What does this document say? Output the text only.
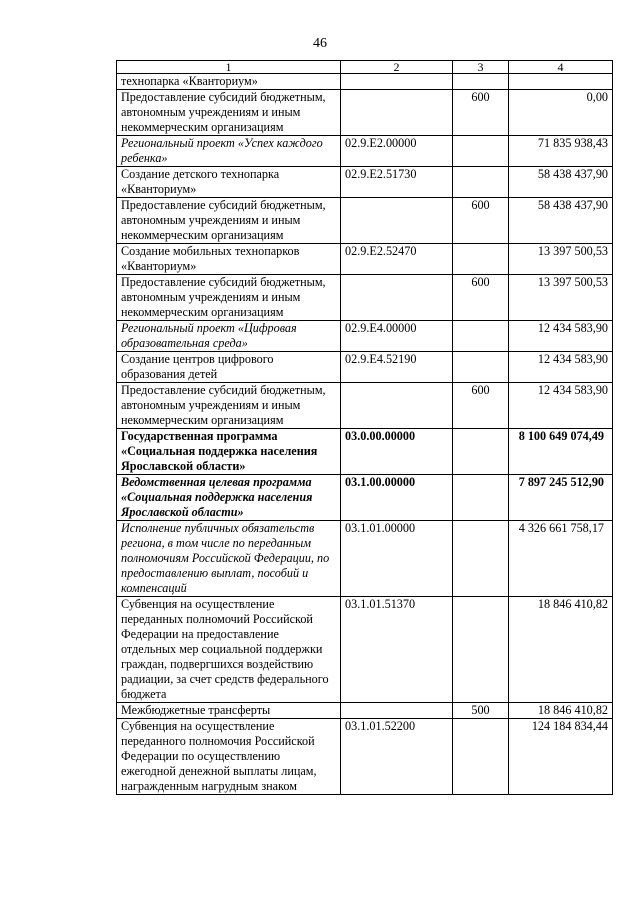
46
1	2	3	4
технопарка «Кванториум»			
Предоставление субсидий бюджетным, автономным учреждениям и иным некоммерческим организациям		600	0,00
Региональный проект «Успех каждого ребенка»	02.9.E2.00000		71 835 938,43
Создание детского технопарка «Кванториум»	02.9.E2.51730		58 438 437,90
Предоставление субсидий бюджетным, автономным учреждениям и иным некоммерческим организациям		600	58 438 437,90
Создание мобильных технопарков «Кванториум»	02.9.E2.52470		13 397 500,53
Предоставление субсидий бюджетным, автономным учреждениям и иным некоммерческим организациям		600	13 397 500,53
Региональный проект «Цифровая образовательная среда»	02.9.E4.00000		12 434 583,90
Создание центров цифрового образования детей	02.9.E4.52190		12 434 583,90
Предоставление субсидий бюджетным, автономным учреждениям и иным некоммерческим организациям		600	12 434 583,90
Государственная программа «Социальная поддержка населения Ярославской области»	03.0.00.00000		8 100 649 074,49
Ведомственная целевая программа «Социальная поддержка населения Ярославской области»	03.1.00.00000		7 897 245 512,90
Исполнение публичных обязательств региона, в том числе по переданным полномочиям Российской Федерации, по предоставлению выплат, пособий и компенсаций	03.1.01.00000		4 326 661 758,17
Субвенция на осуществление переданных полномочий Российской Федерации на предоставление отдельных мер социальной поддержки граждан, подвергшихся воздействию радиации, за счет средств федерального бюджета	03.1.01.51370		18 846 410,82
Межбюджетные трансферты		500	18 846 410,82
Субвенция на осуществление переданного полномочия Российской Федерации по осуществлению ежегодной денежной выплаты лицам, награжденным нагрудным знаком	03.1.01.52200		124 184 834,44
